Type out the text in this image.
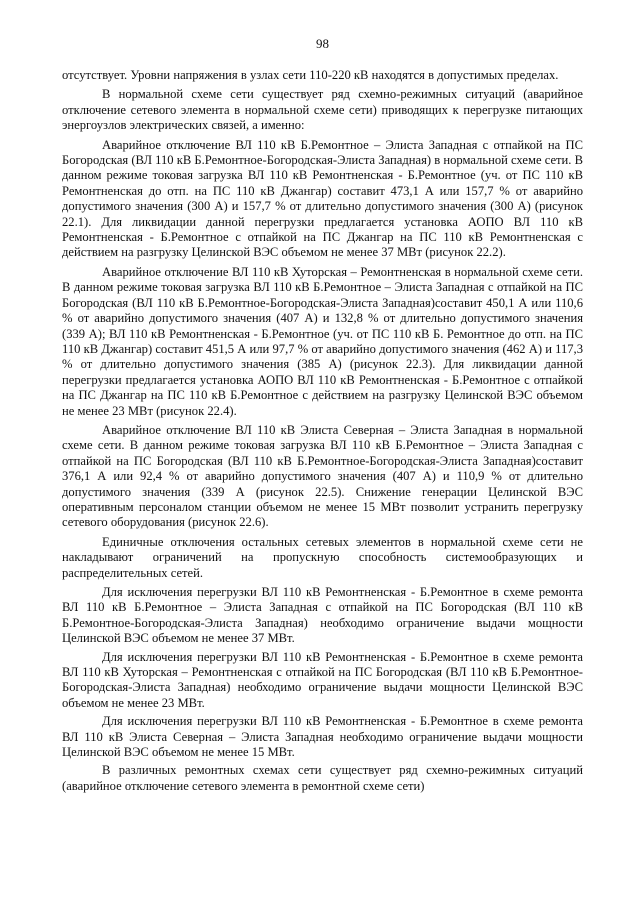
98

отсутствует. Уровни напряжения в узлах сети 110-220 кВ находятся в допустимых пределах.

В нормальной схеме сети существует ряд схемно-режимных ситуаций (аварийное отключение сетевого элемента в нормальной схеме сети) приводящих к перегрузке питающих энергоузлов электрических связей, а именно:

Аварийное отключение ВЛ 110 кВ Б.Ремонтное – Элиста Западная с отпайкой на ПС Богородская (ВЛ 110 кВ Б.Ремонтное-Богородская-Элиста Западная) в нормальной схеме сети. В данном режиме токовая загрузка ВЛ 110 кВ Ремонтненская - Б.Ремонтное (уч. от ПС 110 кВ Ремонтненская до отп. на ПС 110 кВ Джангар) составит 473,1 А или 157,7 % от аварийно допустимого значения (300 А) и 157,7 % от длительно допустимого значения (300 А) (рисунок 22.1). Для ликвидации данной перегрузки предлагается установка АОПО ВЛ 110 кВ Ремонтненская - Б.Ремонтное с отпайкой на ПС Джангар на ПС 110 кВ Ремонтненская с действием на разгрузку Целинской ВЭС объемом не менее 37 МВт (рисунок 22.2).

Аварийное отключение ВЛ 110 кВ Хуторская – Ремонтненская в нормальной схеме сети. В данном режиме токовая загрузка ВЛ 110 кВ Б.Ремонтное – Элиста Западная с отпайкой на ПС Богородская (ВЛ 110 кВ Б.Ремонтное-Богородская-Элиста Западная)составит 450,1 А или 110,6 % от аварийно допустимого значения (407 А) и 132,8 % от длительно допустимого значения (339 А); ВЛ 110 кВ Ремонтненская - Б.Ремонтное (уч. от ПС 110 кВ Б. Ремонтное до отп. на ПС 110 кВ Джангар) составит 451,5 А или 97,7 % от аварийно допустимого значения (462 А) и 117,3 % от длительно допустимого значения (385 А) (рисунок 22.3). Для ликвидации данной перегрузки предлагается установка АОПО ВЛ 110 кВ Ремонтненская - Б.Ремонтное с отпайкой на ПС Джангар на ПС 110 кВ Б.Ремонтное с действием на разгрузку Целинской ВЭС объемом не менее 23 МВт (рисунок 22.4).

Аварийное отключение ВЛ 110 кВ Элиста Северная – Элиста Западная в нормальной схеме сети. В данном режиме токовая загрузка ВЛ 110 кВ Б.Ремонтное – Элиста Западная с отпайкой на ПС Богородская (ВЛ 110 кВ Б.Ремонтное-Богородская-Элиста Западная)составит 376,1 А или 92,4 % от аварийно допустимого значения (407 А) и 110,9 % от длительно допустимого значения (339 А (рисунок 22.5). Снижение генерации Целинской ВЭС оперативным персоналом станции объемом не менее 15 МВт позволит устранить перегрузку сетевого оборудования (рисунок 22.6).

Единичные отключения остальных сетевых элементов в нормальной схеме сети не накладывают ограничений на пропускную способность системообразующих и распределительных сетей.

Для исключения перегрузки ВЛ 110 кВ Ремонтненская - Б.Ремонтное в схеме ремонта ВЛ 110 кВ Б.Ремонтное – Элиста Западная с отпайкой на ПС Богородская (ВЛ 110 кВ Б.Ремонтное-Богородская-Элиста Западная) необходимо ограничение выдачи мощности Целинской ВЭС объемом не менее 37 МВт.

Для исключения перегрузки ВЛ 110 кВ Ремонтненская - Б.Ремонтное в схеме ремонта ВЛ 110 кВ Хуторская – Ремонтненская с отпайкой на ПС Богородская (ВЛ 110 кВ Б.Ремонтное-Богородская-Элиста Западная) необходимо ограничение выдачи мощности Целинской ВЭС объемом не менее 23 МВт.

Для исключения перегрузки ВЛ 110 кВ Ремонтненская - Б.Ремонтное в схеме ремонта ВЛ 110 кВ Элиста Северная – Элиста Западная необходимо ограничение выдачи мощности Целинской ВЭС объемом не менее 15 МВт.

В различных ремонтных схемах сети существует ряд схемно-режимных ситуаций (аварийное отключение сетевого элемента в ремонтной схеме сети)
